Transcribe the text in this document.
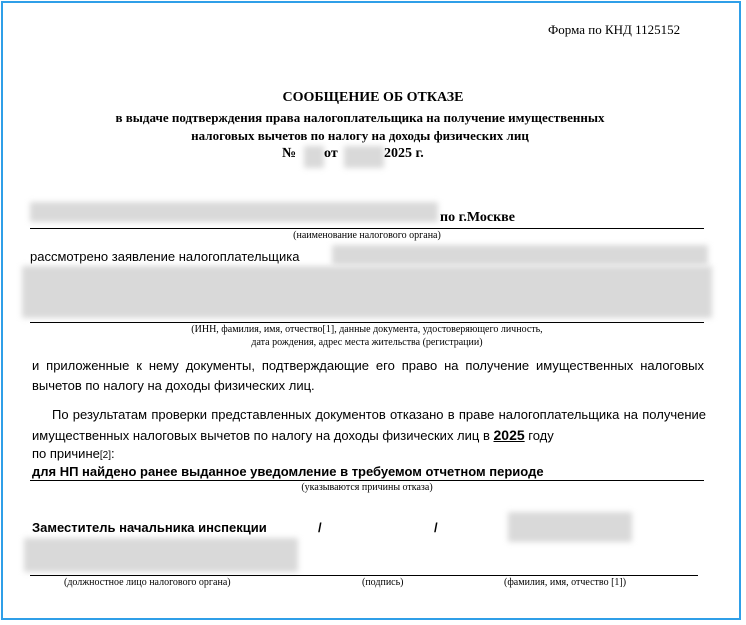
Форма по КНД 1125152
СООБЩЕНИЕ ОБ ОТКАЗЕ
в выдаче подтверждения права налогоплательщика на получение имущественных
налоговых вычетов по налогу на доходы физических лиц
№ от	2025 г.
по г.Москве
(наименование налогового органа)
рассмотрено заявление налогоплательщика
(ИНН, фамилия, имя, отчество[1], данные документа, удостоверяющего личность,
дата рождения, адрес места жительства (регистрации)
и приложенные к нему документы, подтверждающие его право на получение имущественных налоговых вычетов по налогу на доходы физических лиц.
По результатам проверки представленных документов отказано в праве налогоплательщика на получение имущественных налоговых вычетов по налогу на доходы физических лиц в 2025 году
по причине[2]:
для НП найдено ранее выданное уведомление в требуемом отчетном периоде
(указываются причины отказа)
Заместитель начальника инспекции	/	/
(должностное лицо налогового органа)	(подпись)	(фамилия, имя, отчество [1])
